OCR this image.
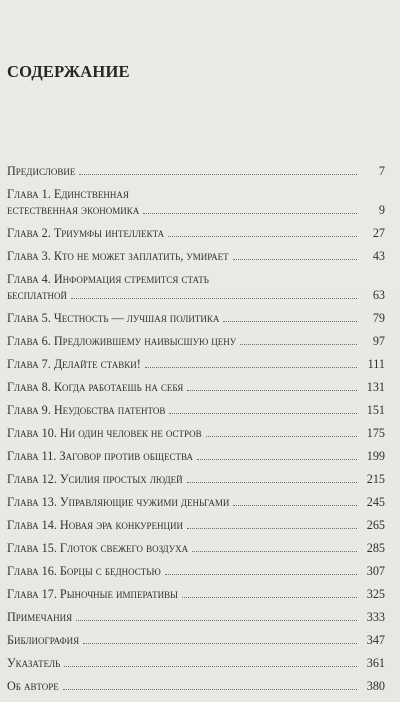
СОДЕРЖАНИЕ
Предисловие	7
Глава 1. Единственная
естественная экономика	9
Глава 2. Триумфы интеллекта	27
Глава 3. Кто не может заплатить, умирает	43
Глава 4. Информация стремится стать
бесплатной	63
Глава 5. Честность — лучшая политика	79
Глава 6. Предложившему наивысшую цену	97
Глава 7. Делайте ставки!	111
Глава 8. Когда работаешь на себя	131
Глава 9. Неудобства патентов	151
Глава 10. Ни один человек не остров	175
Глава 11. Заговор против общества	199
Глава 12. Усилия простых людей	215
Глава 13. Управляющие чужими деньгами	245
Глава 14. Новая эра конкуренции	265
Глава 15. Глоток свежего воздуха	285
Глава 16. Борцы с бедностью	307
Глава 17. Рыночные императивы	325
Примечания	333
Библиография	347
Указатель	361
Об авторе	380
